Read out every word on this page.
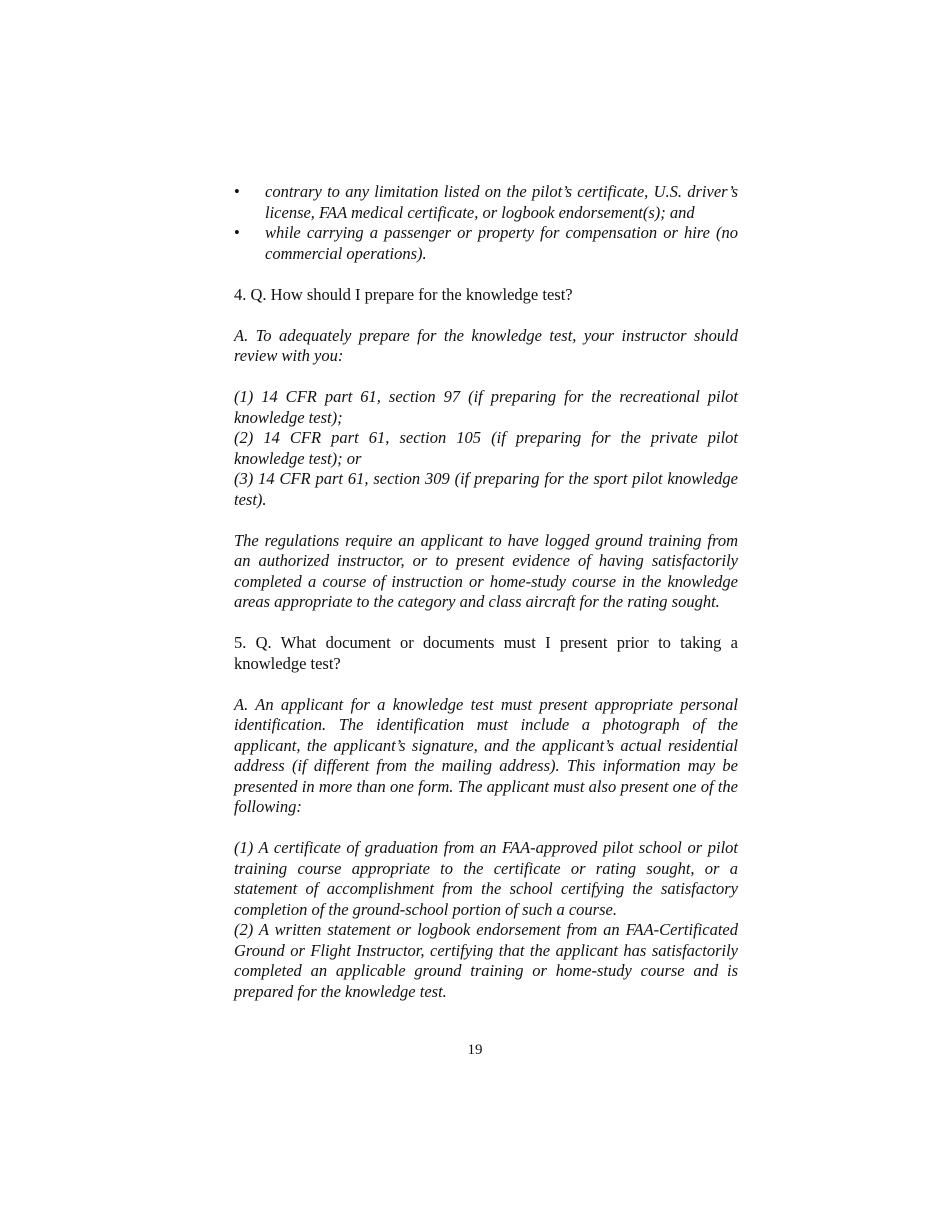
• contrary to any limitation listed on the pilot’s certificate, U.S. driver’s license, FAA medical certificate, or logbook endorsement(s); and
• while carrying a passenger or property for compensation or hire (no commercial operations).

4. Q. How should I prepare for the knowledge test?

A. To adequately prepare for the knowledge test, your instructor should review with you:

(1) 14 CFR part 61, section 97 (if preparing for the recreational pilot knowledge test);

(2) 14 CFR part 61, section 105 (if preparing for the private pilot knowledge test); or

(3) 14 CFR part 61, section 309 (if preparing for the sport pilot knowledge test).

The regulations require an applicant to have logged ground training from an authorized instructor, or to present evidence of having satisfactorily completed a course of instruction or home-study course in the knowledge areas appropriate to the category and class aircraft for the rating sought.

5. Q. What document or documents must I present prior to taking a knowledge test?

A. An applicant for a knowledge test must present appropriate personal identification. The identification must include a photograph of the applicant, the applicant’s signature, and the applicant’s actual residential address (if different from the mailing address). This information may be presented in more than one form. The applicant must also present one of the following:

(1) A certificate of graduation from an FAA-approved pilot school or pilot training course appropriate to the certificate or rating sought, or a statement of accomplishment from the school certifying the satisfactory completion of the ground-school portion of such a course.

(2) A written statement or logbook endorsement from an FAA-Certificated Ground or Flight Instructor, certifying that the applicant has satisfactorily completed an applicable ground training or home-study course and is prepared for the knowledge test.

19
